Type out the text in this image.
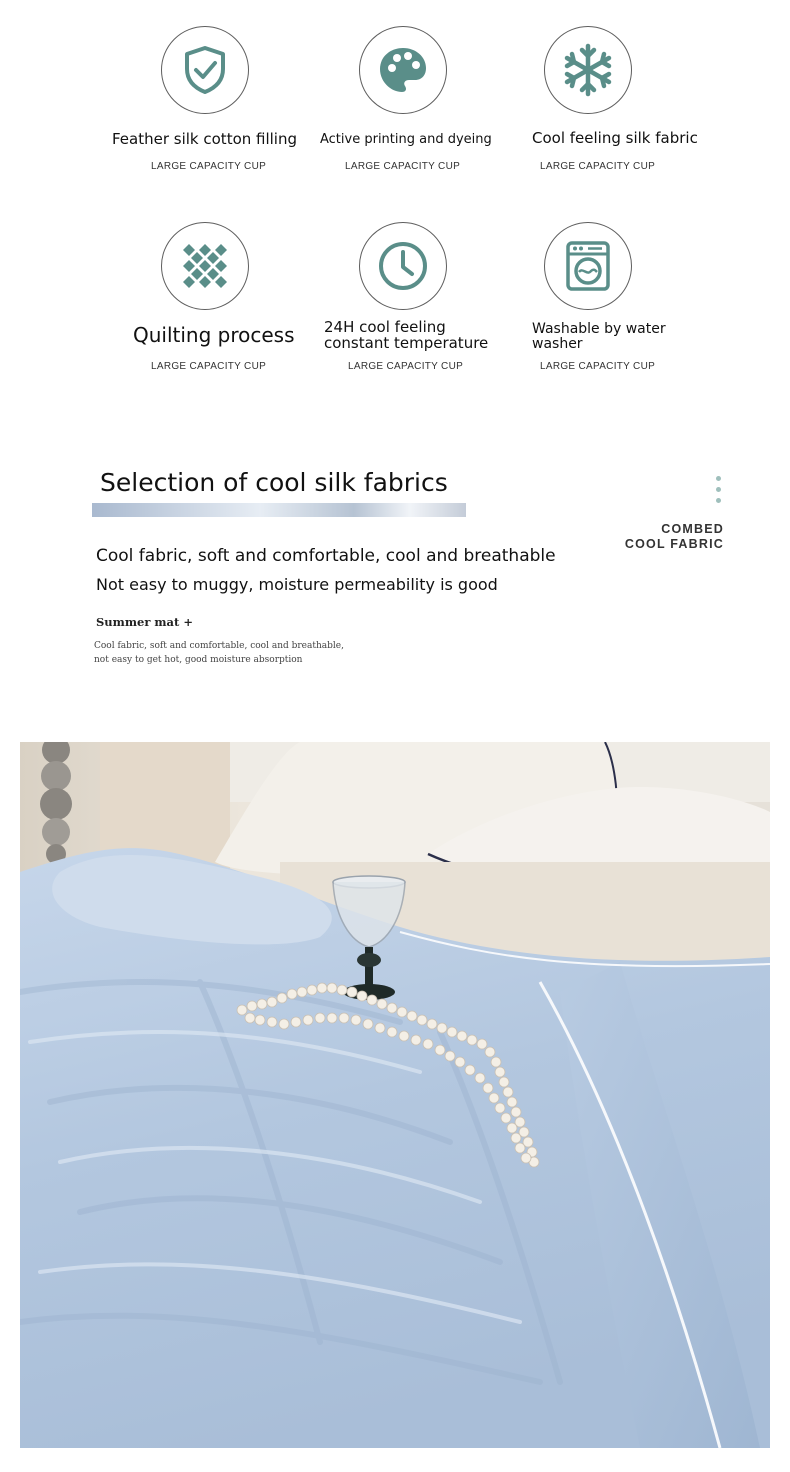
Feather silk cotton filling
LARGE CAPACITY CUP
Active printing and dyeing
LARGE CAPACITY CUP
Cool feeling silk fabric
LARGE CAPACITY CUP
Quilting process
LARGE CAPACITY CUP
24H cool feeling
constant temperature
LARGE CAPACITY CUP
Washable by water
washer
LARGE CAPACITY CUP
Selection of cool silk fabrics
COMBED
COOL FABRIC
Cool fabric, soft and comfortable, cool and breathable
Not easy to muggy, moisture permeability is good
Summer mat +
Cool fabric, soft and comfortable, cool and breathable,
not easy to get hot, good moisture absorption
